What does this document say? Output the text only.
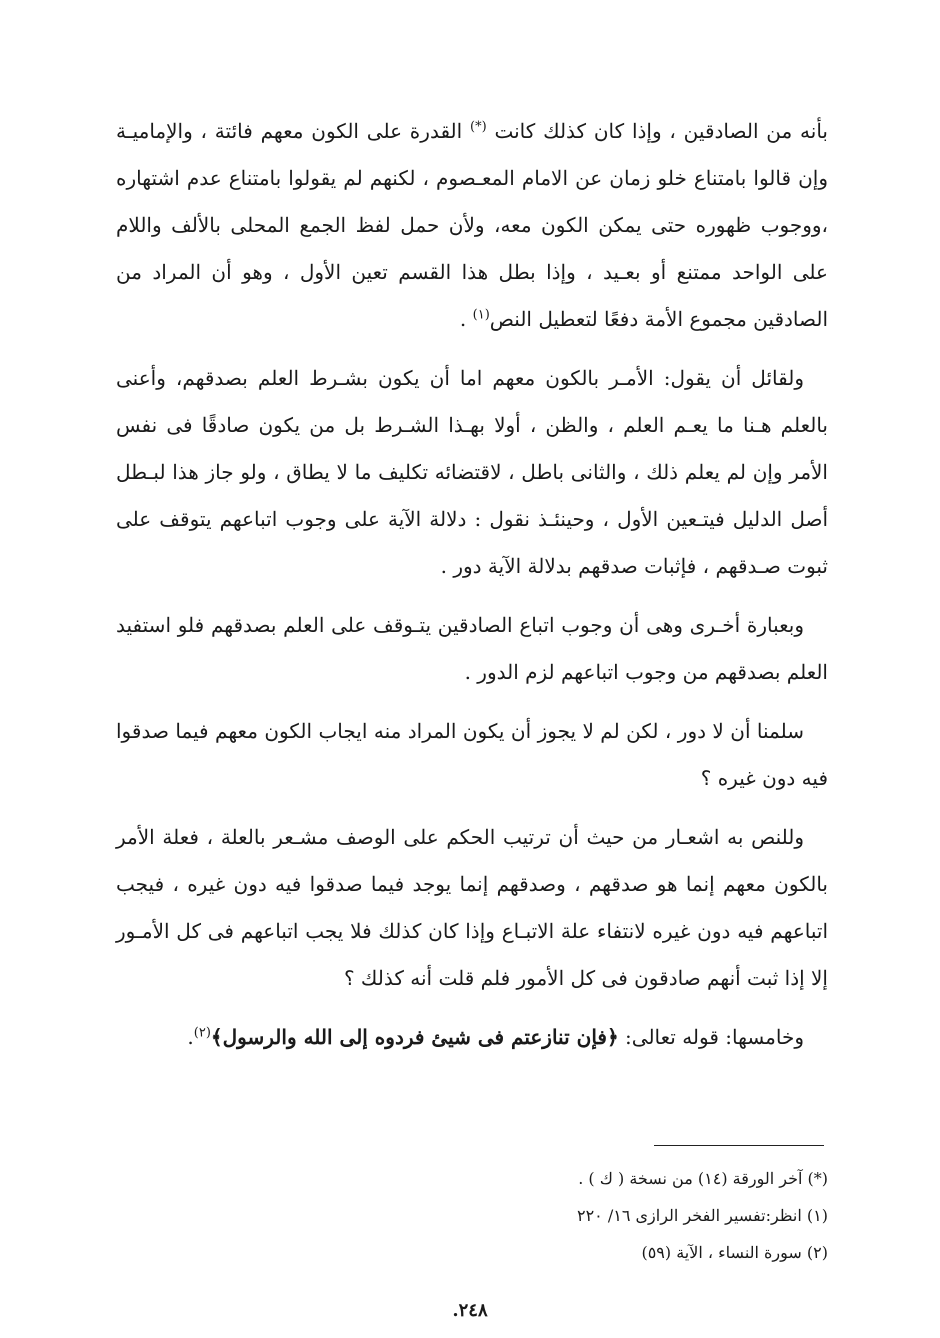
بأنه من الصادقين ، وإذا كان كذلك كانت (*) القدرة على الكون معهم فائتة ، والإماميـة وإن قالوا بامتناع خلو زمان عن الامام المعـصوم ، لكنهم لم يقولوا بامتناع عدم اشتهاره ،ووجوب ظهوره حتى يمكن الكون معه، ولأن حمل لفظ الجمع المحلى بالألف واللام على الواحد ممتنع أو بعـيد ، وإذا بطل هذا القسم تعين الأول ، وهو أن المراد من الصادقين مجموع الأمة دفعًا لتعطيل النص$^{(١)}$ .

ولقائل أن يقول: الأمـر بالكون معهم اما أن يكون بشـرط العلم بصدقهم، وأعنى بالعلم هـنا ما يعـم العلم ، والظن ، أولا بهـذا الشـرط بل من يكون صادقًا فى نفس الأمر وإن لم يعلم ذلك ، والثانى باطل ، لاقتضائه تكليف ما لا يطاق ، ولو جاز هذا لبـطل أصل الدليل فيتـعين الأول ، وحينئـذ نقول : دلالة الآية على وجوب اتباعهم يتوقف على ثبوت صـدقهم ، فإثبات صدقهم بدلالة الآية دور .

وبعبارة أخـرى وهى أن وجوب اتباع الصادقين يتـوقف على العلم بصدقهم فلو استفيد العلم بصدقهم من وجوب اتباعهم لزم الدور .

سلمنا أن لا دور ، لكن لم لا يجوز أن يكون المراد منه ايجاب الكون معهم فيما صدقوا فيه دون غيره ؟

وللنص به اشعـار من حيث أن ترتيب الحكم على الوصف مشـعر بالعلة ، فعلة الأمر بالكون معهم إنما هو صدقهم ، وصدقهم إنما يوجد فيما صدقوا فيه دون غيره ، فيجب اتباعهم فيه دون غيره لانتفاء علة الاتبـاع وإذا كان كذلك فلا يجب اتباعهم فى كل الأمـور إلا إذا ثبت أنهم صادقون فى كل الأمور فلم قلت أنه كذلك ؟

وخامسها: قوله تعالى: ﴿فإن تنازعتم فى شيئ فردوه إلى الله والرسول﴾$^{(٢)}$.

(*) آخر الورقة (١٤) من نسخة ( ك ) .
(١) انظر:تفسير الفخر الرازى ١٦/ ٢٢٠
(٢) سورة النساء ، الآية (٥٩)
٢٤٨.
